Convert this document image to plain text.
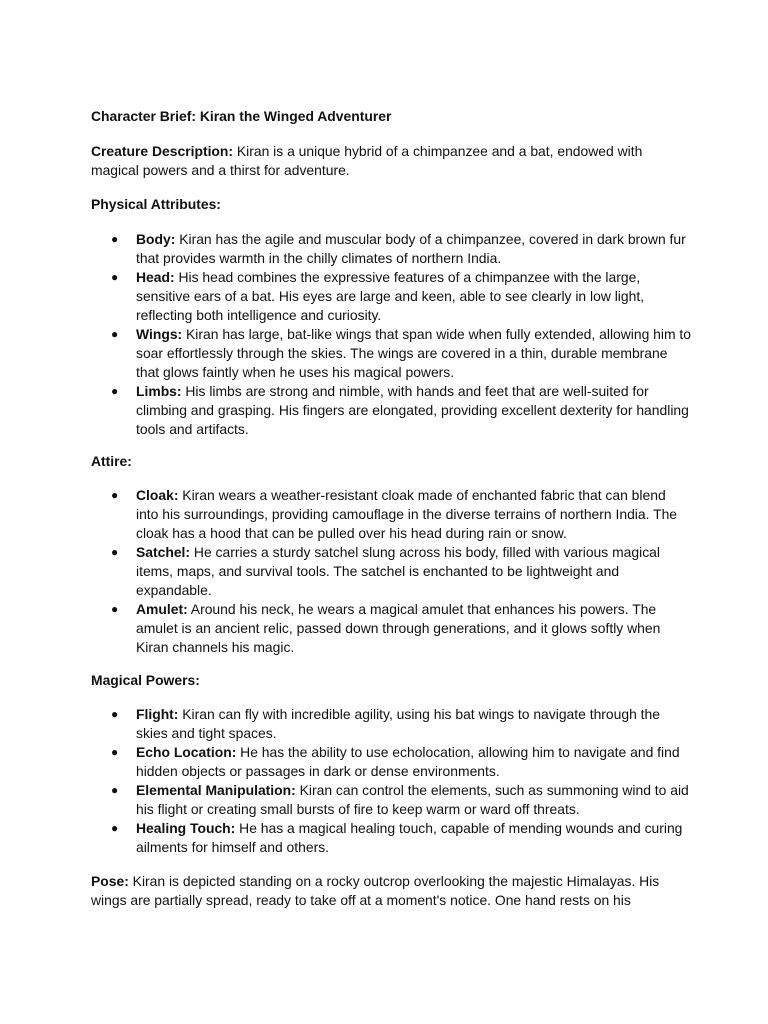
Character Brief: Kiran the Winged Adventurer

Creature Description: Kiran is a unique hybrid of a chimpanzee and a bat, endowed with magical powers and a thirst for adventure.

Physical Attributes:

● Body: Kiran has the agile and muscular body of a chimpanzee, covered in dark brown fur that provides warmth in the chilly climates of northern India.
● Head: His head combines the expressive features of a chimpanzee with the large, sensitive ears of a bat. His eyes are large and keen, able to see clearly in low light, reflecting both intelligence and curiosity.
● Wings: Kiran has large, bat-like wings that span wide when fully extended, allowing him to soar effortlessly through the skies. The wings are covered in a thin, durable membrane that glows faintly when he uses his magical powers.
● Limbs: His limbs are strong and nimble, with hands and feet that are well-suited for climbing and grasping. His fingers are elongated, providing excellent dexterity for handling tools and artifacts.

Attire:

● Cloak: Kiran wears a weather-resistant cloak made of enchanted fabric that can blend into his surroundings, providing camouflage in the diverse terrains of northern India. The cloak has a hood that can be pulled over his head during rain or snow.
● Satchel: He carries a sturdy satchel slung across his body, filled with various magical items, maps, and survival tools. The satchel is enchanted to be lightweight and expandable.
● Amulet: Around his neck, he wears a magical amulet that enhances his powers. The amulet is an ancient relic, passed down through generations, and it glows softly when Kiran channels his magic.

Magical Powers:

● Flight: Kiran can fly with incredible agility, using his bat wings to navigate through the skies and tight spaces.
● Echo Location: He has the ability to use echolocation, allowing him to navigate and find hidden objects or passages in dark or dense environments.
● Elemental Manipulation: Kiran can control the elements, such as summoning wind to aid his flight or creating small bursts of fire to keep warm or ward off threats.
● Healing Touch: He has a magical healing touch, capable of mending wounds and curing ailments for himself and others.

Pose: Kiran is depicted standing on a rocky outcrop overlooking the majestic Himalayas. His wings are partially spread, ready to take off at a moment's notice. One hand rests on his
